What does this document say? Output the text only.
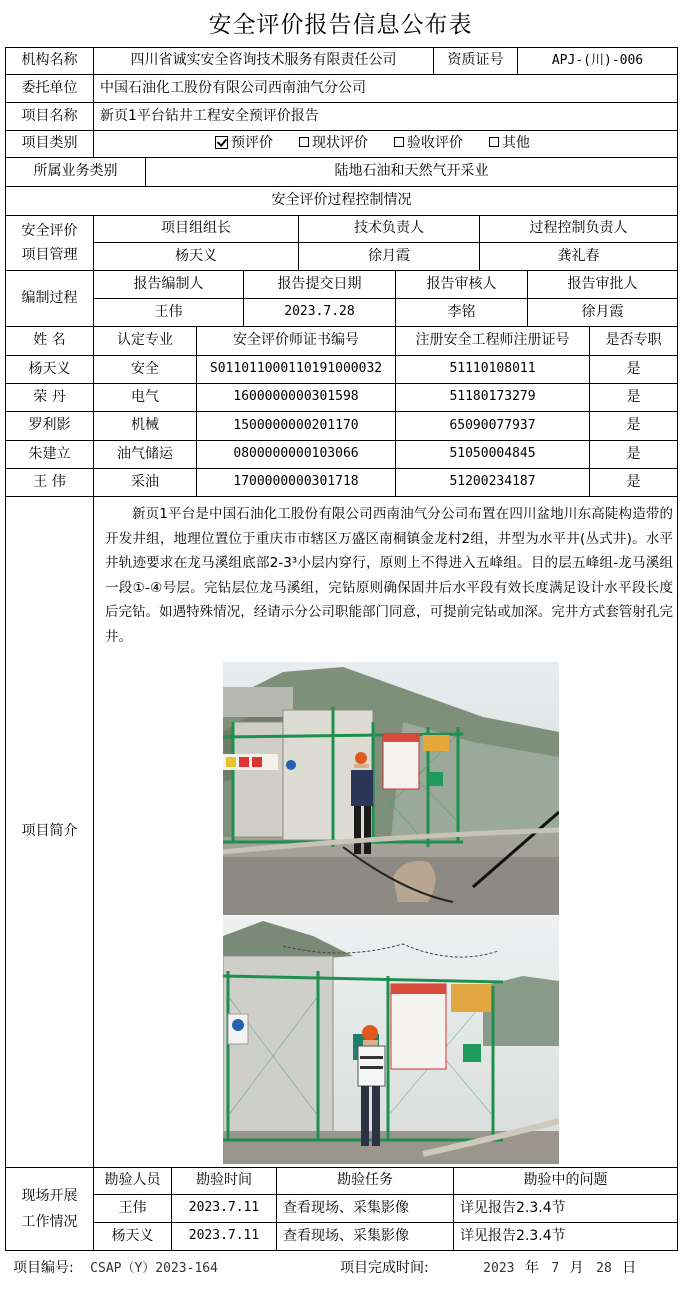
安全评价报告信息公布表
机构名称	四川省诚实安全咨询技术服务有限责任公司	资质证号	APJ-(川)-006
委托单位	中国石油化工股份有限公司西南油气分公司
项目名称	新页1平台钻井工程安全预评价报告
项目类别	预评价	现状评价	验收评价	其他
所属业务类别	陆地石油和天然气开采业
安全评价过程控制情况
安全评价
项目管理
项目组组长	技术负责人	过程控制负责人
杨天义	徐月霞	龚礼春
编制过程
报告编制人	报告提交日期	报告审核人	报告审批人
王伟	2023.7.28	李铭	徐月霞
姓 名	认定专业	安全评价师证书编号	注册安全工程师注册证号	是否专职
杨天义	安全	S011011000110191000032	51110108011	是
荣 丹	电气	1600000000301598	51180173279	是
罗利影	机械	1500000000201170	65090077937	是
朱建立	油气储运	0800000000103066	51050004845	是
王 伟	采油	1700000000301718	51200234187	是
项目简介
现场开展
工作情况
勘验人员	勘验时间	勘验任务	勘验中的问题
王伟	2023.7.11	查看现场、采集影像	详见报告2.3.4节
杨天义	2023.7.11	查看现场、采集影像	详见报告2.3.4节
新页1平台是中国石油化工股份有限公司西南油气分公司布置在四川盆地川东高陡构造带的开发井组，地理位置位于重庆市市辖区万盛区南桐镇金龙村2组，井型为水平井(丛式井)。水平井轨迹要求在龙马溪组底部2-3³小层内穿行，原则上不得进入五峰组。目的层五峰组-龙马溪组一段①-④号层。完钻层位龙马溪组，完钻原则确保固井后水平段有效长度满足设计水平段长度后完钻。如遇特殊情况，经请示分公司职能部门同意，可提前完钻或加深。完井方式套管射孔完井。
项目编号: CSAP（Y）2023-164	项目完成时间:	2023 年 7 月 28 日
